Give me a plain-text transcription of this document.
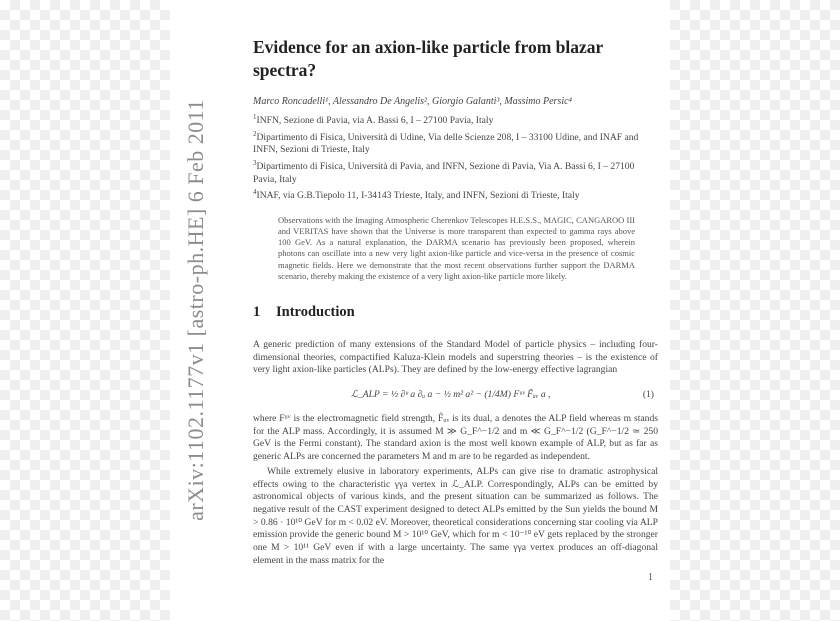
arXiv:1102.1177v1 [astro-ph.HE] 6 Feb 2011
Evidence for an axion-like particle from blazar spectra?
Marco Roncadelli¹, Alessandro De Angelis², Giorgio Galanti³, Massimo Persic⁴

$^1$INFN, Sezione di Pavia, via A. Bassi 6, I – 27100 Pavia, Italy

$^2$Dipartimento di Fisica, Università di Udine, Via delle Scienze 208, I – 33100 Udine, and INAF and INFN, Sezioni di Trieste, Italy

$^3$Dipartimento di Fisica, Università di Pavia, and INFN, Sezione di Pavia, Via A. Bassi 6, I – 27100 Pavia, Italy

$^4$INAF, via G.B.Tiepolo 11, I-34143 Trieste, Italy, and INFN, Sezioni di Trieste, Italy

Observations with the Imaging Atmospheric Cherenkov Telescopes H.E.S.S., MAGIC, CANGAROO III and VERITAS have shown that the Universe is more transparent than expected to gamma rays above 100 GeV. As a natural explanation, the DARMA scenario has previously been proposed, wherein photons can oscillate into a new very light axion-like particle and vice-versa in the presence of cosmic magnetic fields. Here we demonstrate that the most recent observations further support the DARMA scenario, thereby making the existence of a very light axion-like particle more likely.
1 Introduction

A generic prediction of many extensions of the Standard Model of particle physics – including four-dimensional theories, compactified Kaluza-Klein models and superstring theories – is the existence of very light axion-like particles (ALPs). They are defined by the low-energy effective lagrangian

ℒ_ALP = ½ ∂ᵘ a ∂ᵤ a − ½ m² a² − (1/4M) Fᵘᵛ F̃ᵤᵥ a ,	(1)

where Fᵘᵛ is the electromagnetic field strength, F̃ᵤᵥ is its dual, a denotes the ALP field whereas m stands for the ALP mass. Accordingly, it is assumed M ≫ G_F^−1/2 and m ≪ G_F^−1/2 (G_F^−1/2 ≃ 250 GeV is the Fermi constant). The standard axion is the most well known example of ALP, but as far as generic ALPs are concerned the parameters M and m are to be regarded as independent.

While extremely elusive in laboratory experiments, ALPs can give rise to dramatic astrophysical effects owing to the characteristic γγa vertex in ℒ_ALP. Correspondingly, ALPs can be emitted by astronomical objects of various kinds, and the present situation can be summarized as follows. The negative result of the CAST experiment designed to detect ALPs emitted by the Sun yields the bound M > 0.86 · 10¹⁰ GeV for m < 0.02 eV. Moreover, theoretical considerations concerning star cooling via ALP emission provide the generic bound M > 10¹⁰ GeV, which for m < 10⁻¹⁰ eV gets replaced by the stronger one M > 10¹¹ GeV even if with a large uncertainty. The same γγa vertex produces an off-diagonal element in the mass matrix for the

1
